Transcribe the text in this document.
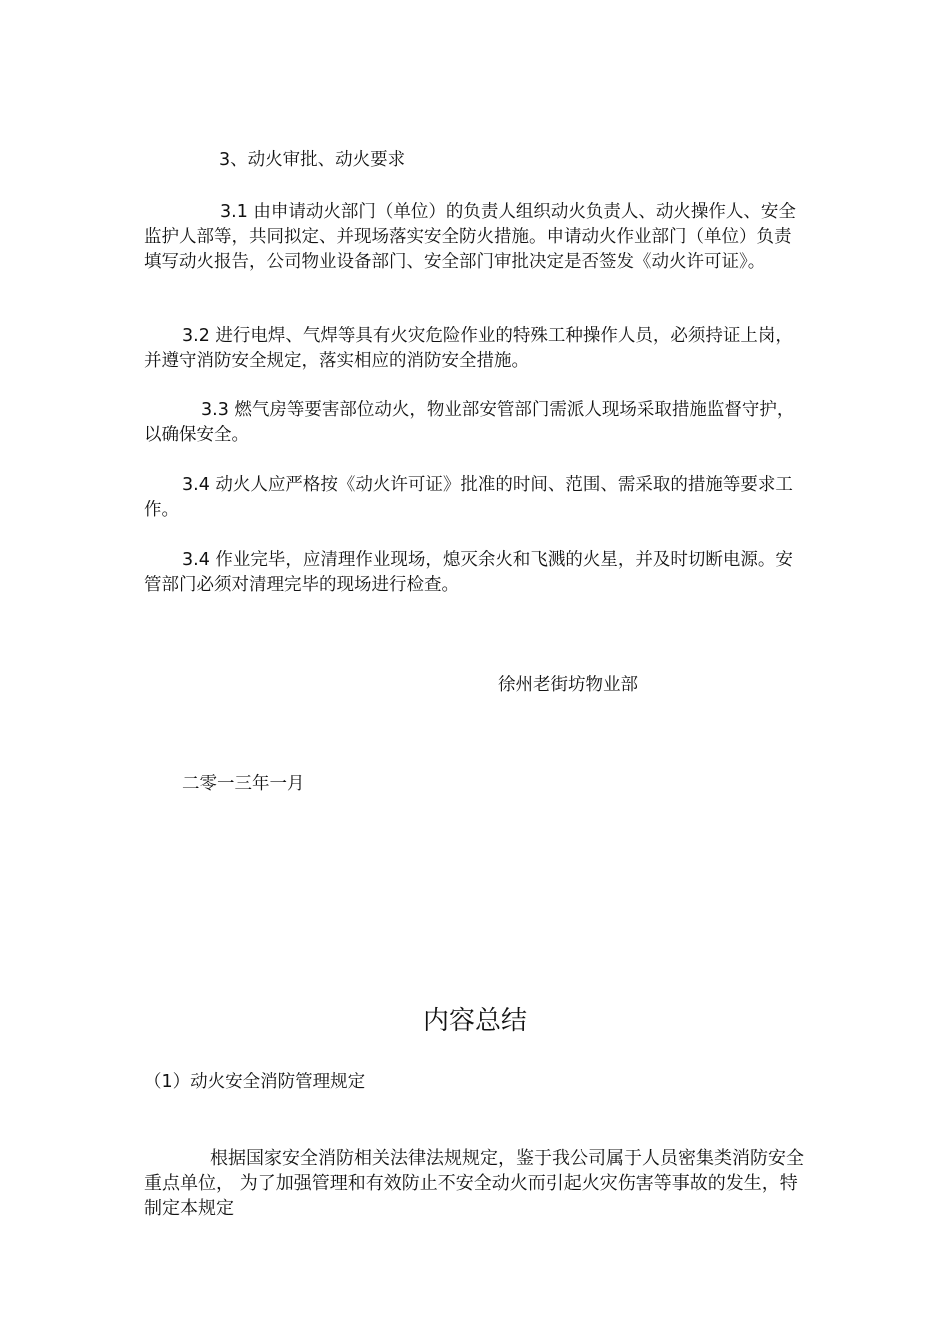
3、动火审批、动火要求

3.1 由申请动火部门（单位）的负责人组织动火负责人、动火操作人、安全监护人部等，共同拟定、并现场落实安全防火措施。申请动火作业部门（单位）负责填写动火报告，公司物业设备部门、安全部门审批决定是否签发《动火许可证》。

3.2 进行电焊、气焊等具有火灾危险作业的特殊工种操作人员，必须持证上岗，并遵守消防安全规定，落实相应的消防安全措施。

3.3 燃气房等要害部位动火，物业部安管部门需派人现场采取措施监督守护，以确保安全。

3.4 动火人应严格按《动火许可证》批准的时间、范围、需采取的措施等要求工作。

3.4 作业完毕，应清理作业现场，熄灭余火和飞溅的火星，并及时切断电源。安管部门必须对清理完毕的现场进行检查。

徐州老街坊物业部

二零一三年一月

内容总结

（1）动火安全消防管理规定

根据国家安全消防相关法律法规规定，鉴于我公司属于人员密集类消防安全重点单位， 为了加强管理和有效防止不安全动火而引起火灾伤害等事故的发生，特制定本规定
